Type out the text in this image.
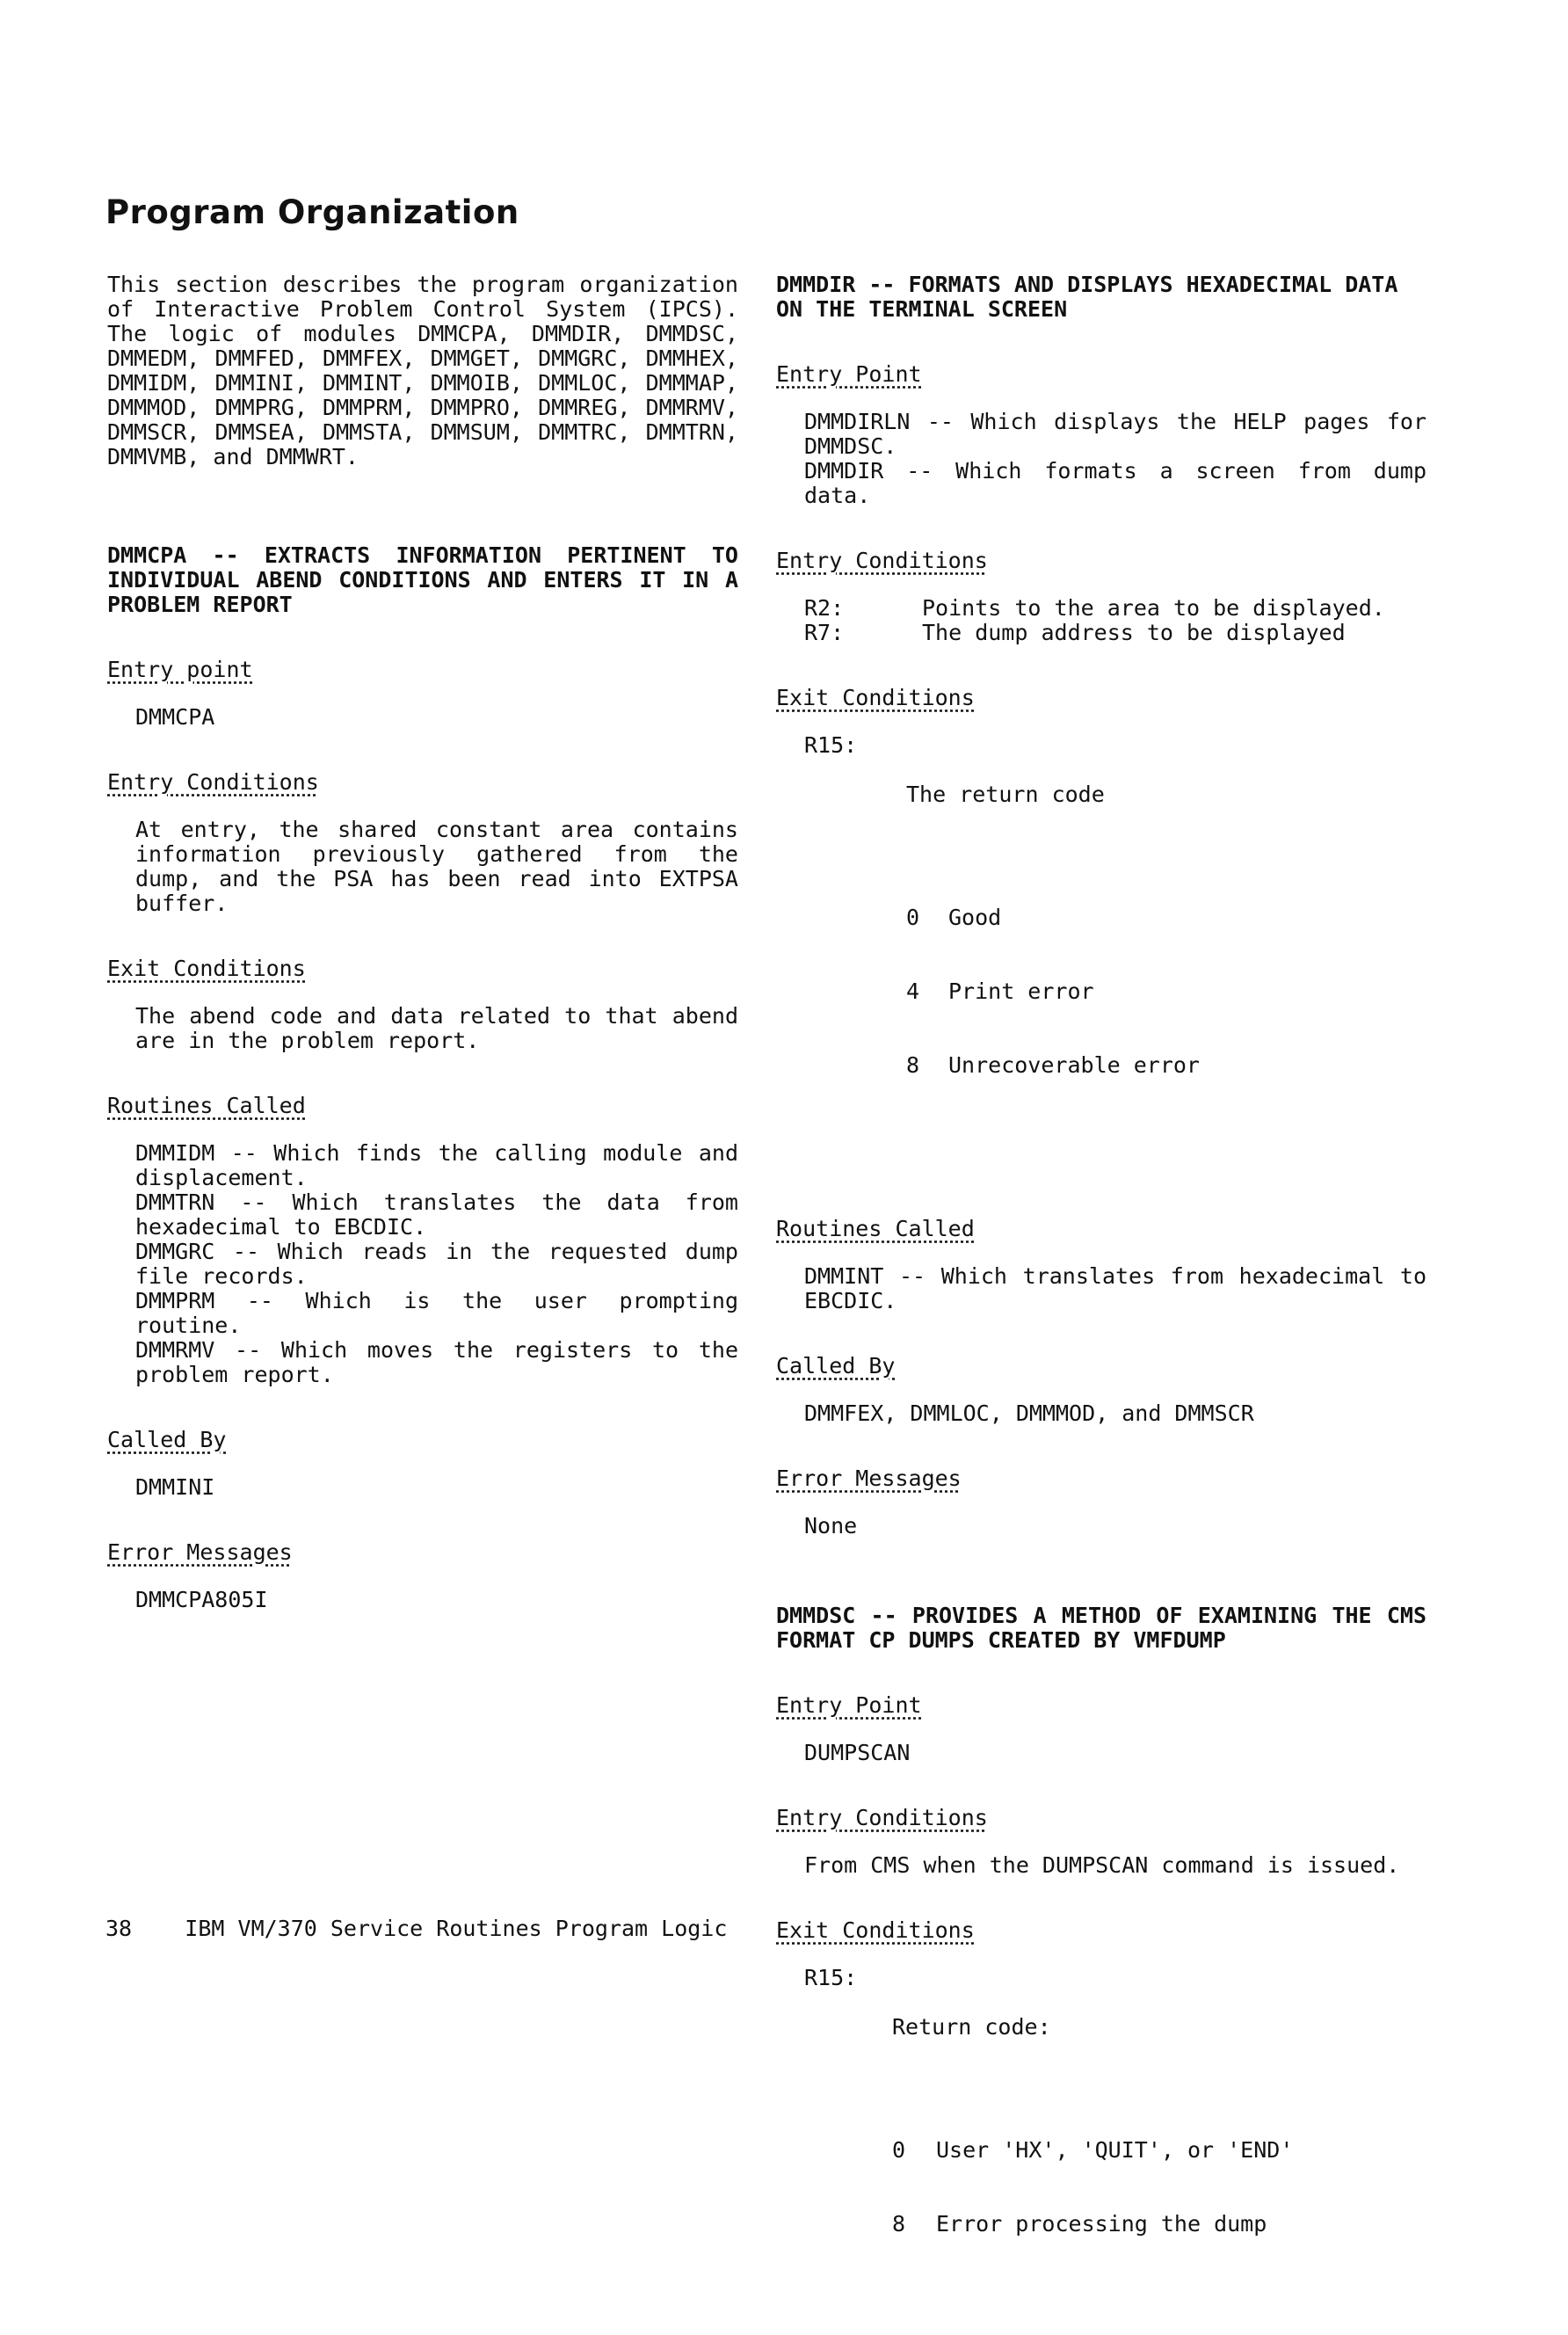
Program Organization

This section describes the program organization of Interactive Problem Control System (IPCS). The logic of modules DMMCPA, DMMDIR, DMMDSC, DMMEDM, DMMFED, DMMFEX, DMMGET, DMMGRC, DMMHEX, DMMIDM, DMMINI, DMMINT, DMMOIB, DMMLOC, DMMMAP, DMMMOD, DMMPRG, DMMPRM, DMMPRO, DMMREG, DMMRMV, DMMSCR, DMMSEA, DMMSTA, DMMSUM, DMMTRC, DMMTRN, DMMVMB, and DMMWRT.

DMMCPA -- EXTRACTS INFORMATION PERTINENT TO INDIVIDUAL ABEND CONDITIONS AND ENTERS IT IN A PROBLEM REPORT
Entry point
DMMCPA
Entry Conditions
At entry, the shared constant area contains information previously gathered from the dump, and the PSA has been read into EXTPSA buffer.
Exit Conditions
The abend code and data related to that abend are in the problem report.
Routines Called
DMMIDM -- Which finds the calling module and displacement.
DMMTRN -- Which translates the data from hexadecimal to EBCDIC.
DMMGRC -- Which reads in the requested dump file records.
DMMPRM -- Which is the user prompting routine.
DMMRMV -- Which moves the registers to the problem report.
Called By
DMMINI
Error Messages
DMMCPA805I
DMMDIR -- FORMATS AND DISPLAYS HEXADECIMAL DATA ON THE TERMINAL SCREEN
Entry Point
DMMDIRLN -- Which displays the HELP pages for DMMDSC.
DMMDIR -- Which formats a screen from dump data.
Entry Conditions
R2:	Points to the area to be displayed.
R7:	The dump address to be displayed
Exit Conditions
R15:

The return code

0	Good

4	Print error

8	Unrecoverable error

Routines Called
DMMINT -- Which translates from hexadecimal to EBCDIC.
Called By
DMMFEX, DMMLOC, DMMMOD, and DMMSCR
Error Messages
None
DMMDSC -- PROVIDES A METHOD OF EXAMINING THE CMS FORMAT CP DUMPS CREATED BY VMFDUMP
Entry Point
DUMPSCAN
Entry Conditions
From CMS when the DUMPSCAN command is issued.
Exit Conditions
R15:

Return code:

0	User 'HX', 'QUIT', or 'END'

8	Error processing the dump

38    IBM VM/370 Service Routines Program Logic
